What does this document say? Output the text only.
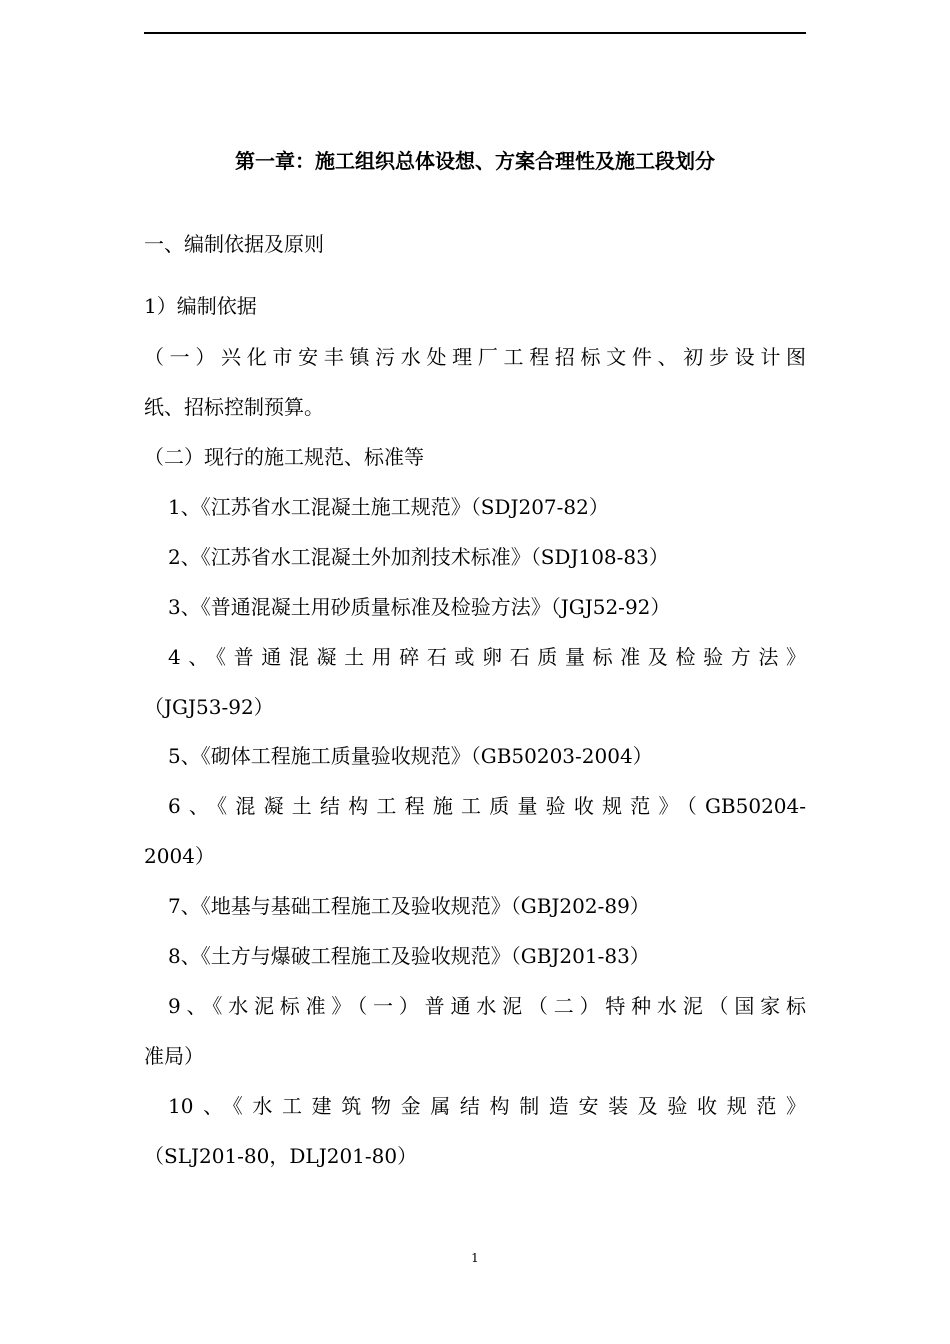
第一章：施工组织总体设想、方案合理性及施工段划分
一、编制依据及原则
1）编制依据
（一）兴化市安丰镇污水处理厂工程招标文件、初步设计图
纸、招标控制预算。
（二）现行的施工规范、标准等
1、《江苏省水工混凝土施工规范》（SDJ207-82）
2、《江苏省水工混凝土外加剂技术标准》（SDJ108-83）
3、《普通混凝土用砂质量标准及检验方法》（JGJ52-92）
4、《普通混凝土用碎石或卵石质量标准及检验方法》
（JGJ53-92）
5、《砌体工程施工质量验收规范》（GB50203-2004）
6、《混凝土结构工程施工质量验收规范》（GB50204-
2004）
7、《地基与基础工程施工及验收规范》（GBJ202-89）
8、《土方与爆破工程施工及验收规范》（GBJ201-83）
9、《水泥标准》（一）普通水泥（二）特种水泥（国家标
准局）
10、《水工建筑物金属结构制造安装及验收规范》
（SLJ201-80，DLJ201-80）
1
